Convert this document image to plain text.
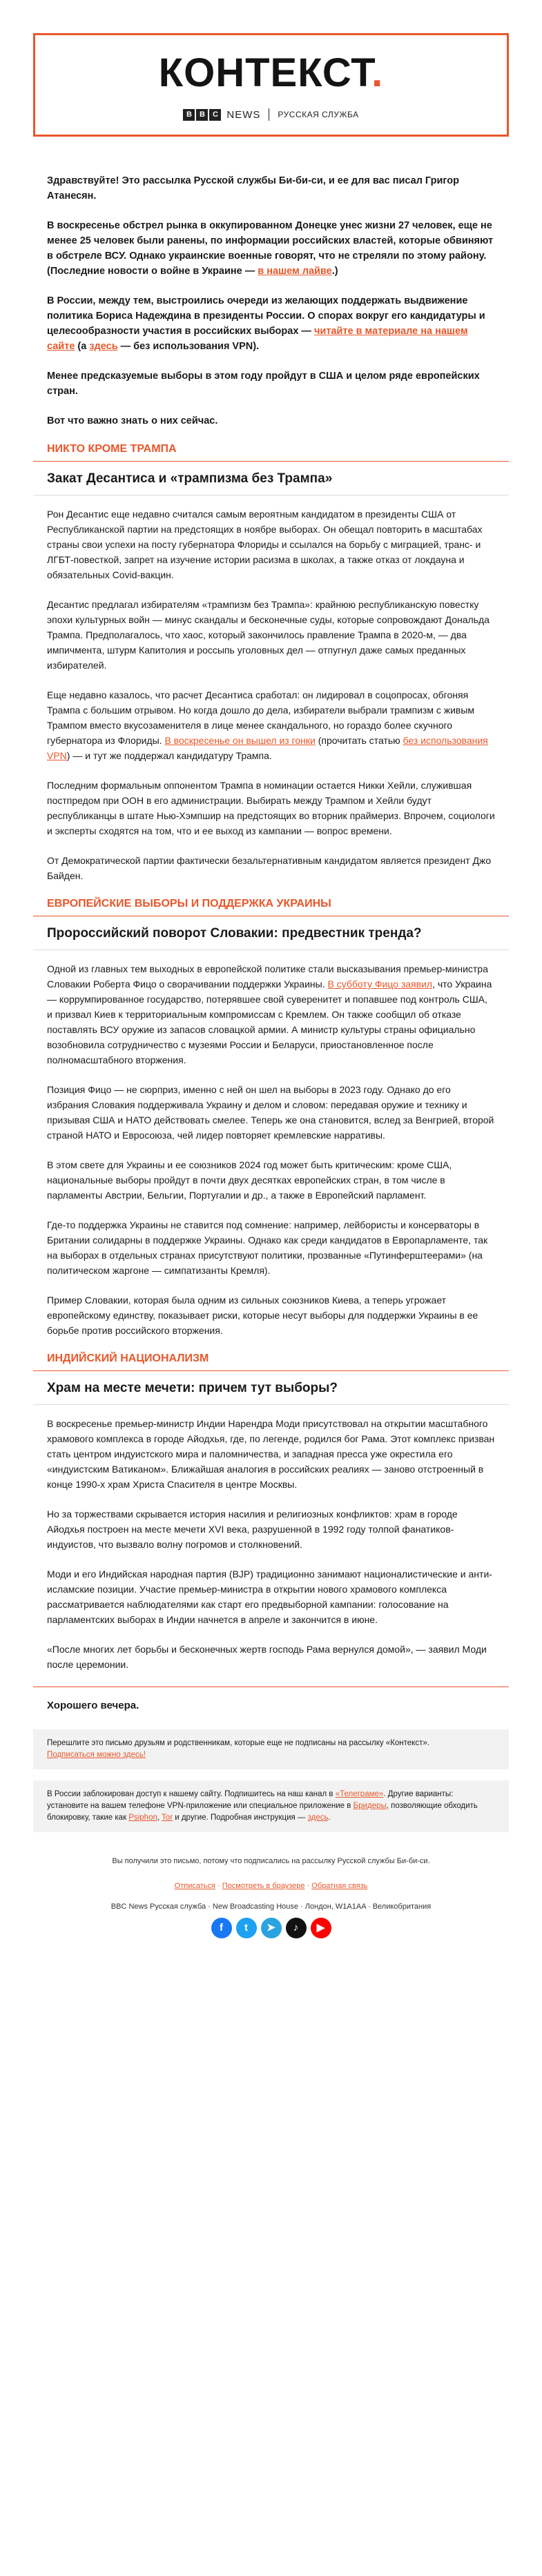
КОНТЕКСТ.
B	B	C NEWS РУССКАЯ СЛУЖБА

Здравствуйте! Это рассылка Русской службы Би-би-си, и ее для вас писал Григор Атанесян.

В воскресенье обстрел рынка в оккупированном Донецке унес жизни 27 человек, еще не менее 25 человек были ранены, по информации российских властей, которые обвиняют в обстреле ВСУ. Однако украинские военные говорят, что не стреляли по этому району. (Последние новости о войне в Украине — в нашем лайве.)

В России, между тем, выстроились очереди из желающих поддержать выдвижение политика Бориса Надеждина в президенты России. О спорах вокруг его кандидатуры и целесообразности участия в российских выборах — читайте в материале на нашем сайте (а здесь — без использования VPN).

Менее предсказуемые выборы в этом году пройдут в США и целом ряде европейских стран.

Вот что важно знать о них сейчас.

НИКТО КРОМЕ ТРАМПА
Закат Десантиса и «трампизма без Трампа»

Рон Десантис еще недавно считался самым вероятным кандидатом в президенты США от Республиканской партии на предстоящих в ноябре выборах. Он обещал повторить в масштабах страны свои успехи на посту губернатора Флориды и ссылался на борьбу с миграцией, транс- и ЛГБТ-повесткой, запрет на изучение истории расизма в школах, а также отказ от локдауна и обязательных Covid-вакцин.

Десантис предлагал избирателям «трампизм без Трампа»: крайнюю республиканскую повестку эпохи культурных войн — минус скандалы и бесконечные суды, которые сопровождают Дональда Трампа. Предполагалось, что хаос, который закончилось правление Трампа в 2020-м, — два импичмента, штурм Капитолия и россыпь уголовных дел — отпугнул даже самых преданных избирателей.

Еще недавно казалось, что расчет Десантиса сработал: он лидировал в соцопросах, обгоняя Трампа с большим отрывом. Но когда дошло до дела, избиратели выбрали трампизм с живым Трампом вместо вкусозаменителя в лице менее скандального, но гораздо более скучного губернатора из Флориды. В воскресенье он вышел из гонки (прочитать статью без использования VPN) — и тут же поддержал кандидатуру Трампа.

Последним формальным оппонентом Трампа в номинации остается Никки Хейли, служившая постпредом при ООН в его администрации. Выбирать между Трампом и Хейли будут республиканцы в штате Нью-Хэмпшир на предстоящих во вторник праймериз. Впрочем, социологи и эксперты сходятся на том, что и ее выход из кампании — вопрос времени.

От Демократической партии фактически безальтернативным кандидатом является президент Джо Байден.

ЕВРОПЕЙСКИЕ ВЫБОРЫ И ПОДДЕРЖКА УКРАИНЫ
Пророссийский поворот Словакии: предвестник тренда?

Одной из главных тем выходных в европейской политике стали высказывания премьер-министра Словакии Роберта Фицо о сворачивании поддержки Украины. В субботу Фицо заявил, что Украина — коррумпированное государство, потерявшее свой суверенитет и попавшее под контроль США, и призвал Киев к территориальным компромиссам с Кремлем. Он также сообщил об отказе поставлять ВСУ оружие из запасов словацкой армии. А министр культуры страны официально возобновила сотрудничество с музеями России и Беларуси, приостановленное после полномасштабного вторжения.

Позиция Фицо — не сюрприз, именно с ней он шел на выборы в 2023 году. Однако до его избрания Словакия поддерживала Украину и делом и словом: передавая оружие и технику и призывая США и НАТО действовать смелее. Теперь же она становится, вслед за Венгрией, второй страной НАТО и Евросоюза, чей лидер повторяет кремлевские нарративы.

В этом свете для Украины и ее союзников 2024 год может быть критическим: кроме США, национальные выборы пройдут в почти двух десятках европейских стран, в том числе в парламенты Австрии, Бельгии, Португалии и др., а также в Европейский парламент.

Где-то поддержка Украины не ставится под сомнение: например, лейбористы и консерваторы в Британии солидарны в поддержке Украины. Однако как среди кандидатов в Европарламенте, так на выборах в отдельных странах присутствуют политики, прозванные «Путинферштеерами» (на политическом жаргоне — симпатизанты Кремля).

Пример Словакии, которая была одним из сильных союзников Киева, а теперь угрожает европейскому единству, показывает риски, которые несут выборы для поддержки Украины в ее борьбе против российского вторжения.

ИНДИЙСКИЙ НАЦИОНАЛИЗМ
Храм на месте мечети: причем тут выборы?

В воскресенье премьер-министр Индии Нарендра Моди присутствовал на открытии масштабного храмового комплекса в городе Айодхья, где, по легенде, родился бог Рама. Этот комплекс призван стать центром индуистского мира и паломничества, и западная пресса уже окрестила его «индуистским Ватиканом». Ближайшая аналогия в российских реалиях — заново отстроенный в конце 1990-х храм Христа Спасителя в центре Москвы.

Но за торжествами скрывается история насилия и религиозных конфликтов: храм в городе Айодхья построен на месте мечети XVI века, разрушенной в 1992 году толпой фанатиков-индуистов, что вызвало волну погромов и столкновений.

Моди и его Индийская народная партия (BJP) традиционно занимают националистические и анти-исламские позиции. Участие премьер-министра в открытии нового храмового комплекса рассматривается наблюдателями как старт его предвыборной кампании: голосование на парламентских выборах в Индии начнется в апреле и закончится в июне.

«После многих лет борьбы и бесконечных жертв господь Рама вернулся домой», — заявил Моди после церемонии.

Хорошего вечера.
Перешлите это письмо друзьям и родственникам, которые еще не подписаны на рассылку «Контекст».
Подписаться можно здесь!
В России заблокирован доступ к нашему сайту. Подпишитесь на наш канал в «Телеграме». Другие варианты: установите на вашем телефоне VPN-приложение или специальное приложение в Бридеры, позволяющие обходить блокировку, такие как Psiphon, Tor и другие. Подробная инструкция — здесь.
Вы получили это письмо, потому что подписались на рассылку Русской службы Би-би-си.
Отписаться · Посмотреть в браузере · Обратная связь
BBC News Русская служба · New Broadcasting House · Лондон, W1A1AA · Великобритания
f	t	➤	♪	▶
